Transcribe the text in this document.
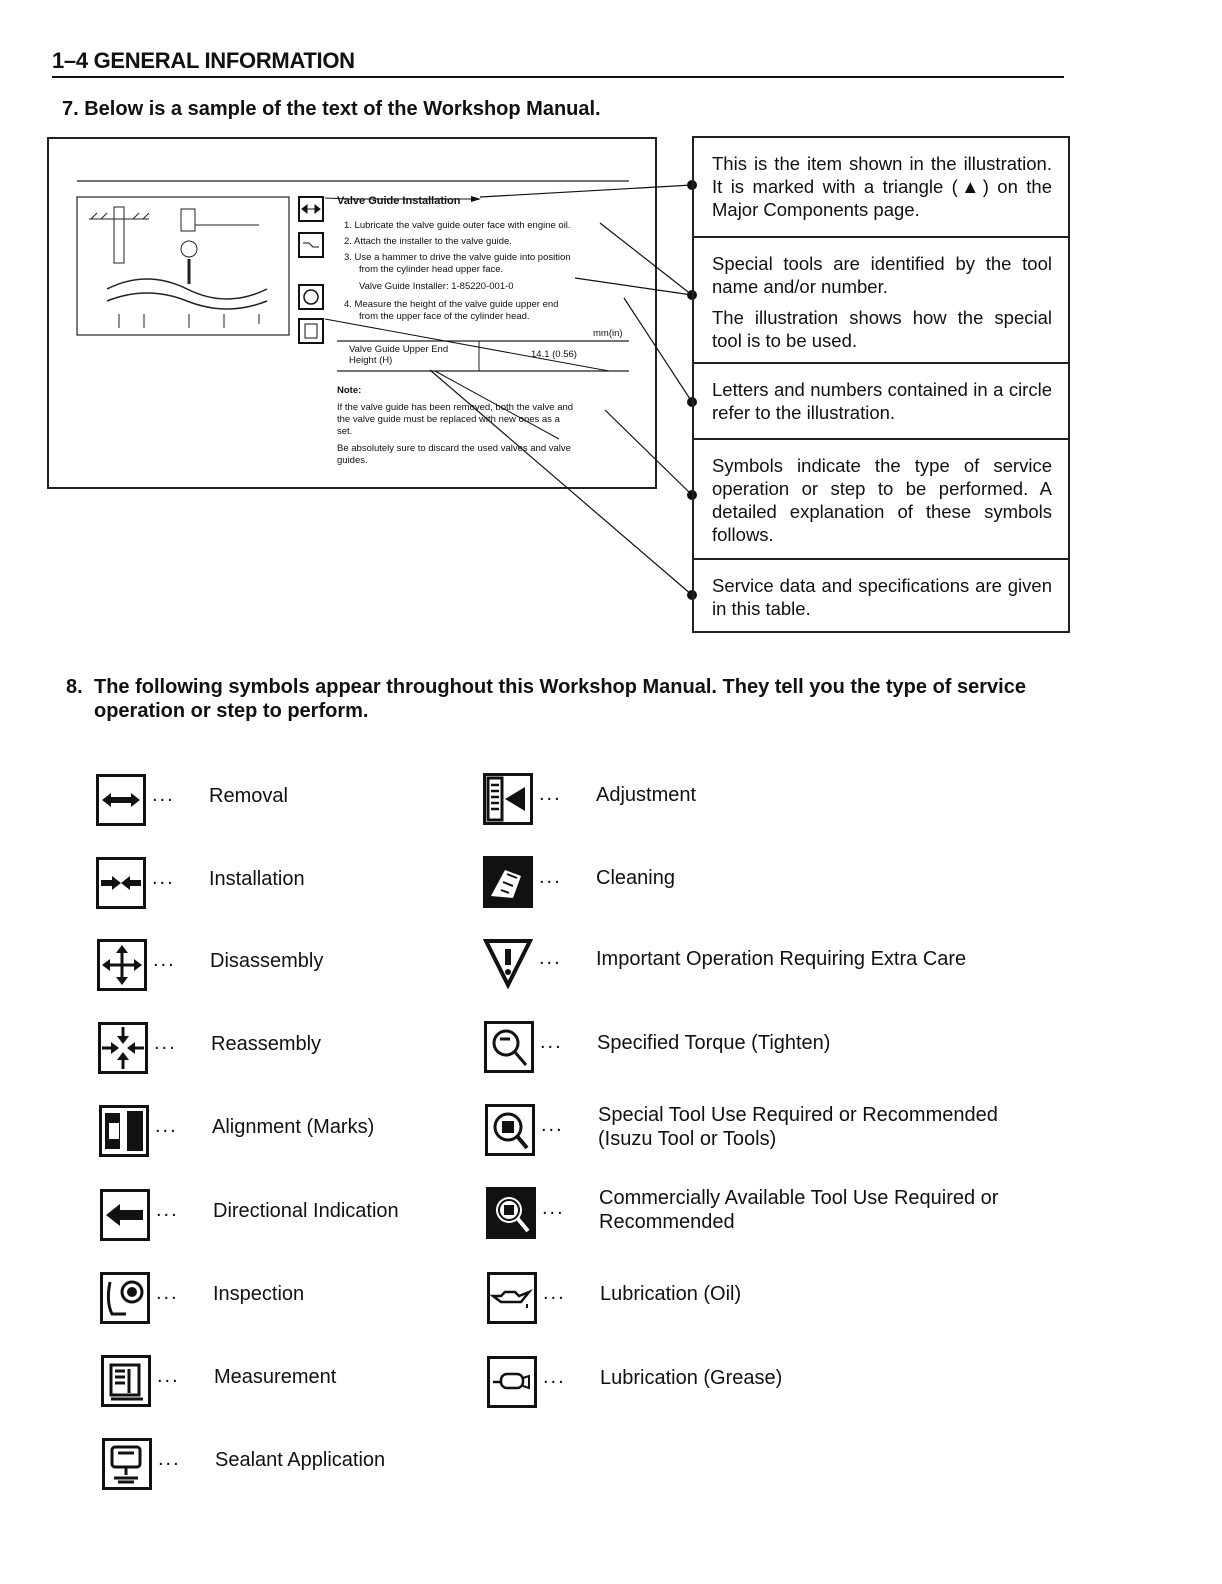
1–4 GENERAL INFORMATION
7. Below is a sample of the text of the Workshop Manual.
Valve Guide Installation
1. Lubricate the valve guide outer face with engine oil.
2. Attach the installer to the valve guide.
3. Use a hammer to drive the valve guide into position
from the cylinder head upper face.
Valve Guide Installer: 1-85220-001-0
4. Measure the height of the valve guide upper end
from the upper face of the cylinder head.
mm(in)
Valve Guide Upper End
Height (H)
14.1 (0.56)
Note:
If the valve guide has been removed, both the valve and
the valve guide must be replaced with new ones as a
set.
Be absolutely sure to discard the used valves and valve
guides.

This is the item shown in the illustration. It is marked with a triangle (▲) on the Major Components page.

Special tools are identified by the tool name and/or number.

The illustration shows how the special tool is to be used.

Letters and numbers contained in a circle refer to the illustration.

Symbols indicate the type of service operation or step to be performed. A detailed explanation of these symbols follows.

Service data and specifications are given in this table.

8. The following symbols appear throughout this Workshop Manual. They tell you the type of service
operation or step to perform.
... Removal
... Installation
... Disassembly
... Reassembly
... Alignment (Marks)
... Directional Indication
... Inspection
... Measurement
... Sealant Application
... Adjustment
... Cleaning
... Important Operation Requiring Extra Care
... Specified Torque (Tighten)
... Special Tool Use Required or Recommended
(Isuzu Tool or Tools)
... Commercially Available Tool Use Required or
Recommended
... Lubrication (Oil)
... Lubrication (Grease)
